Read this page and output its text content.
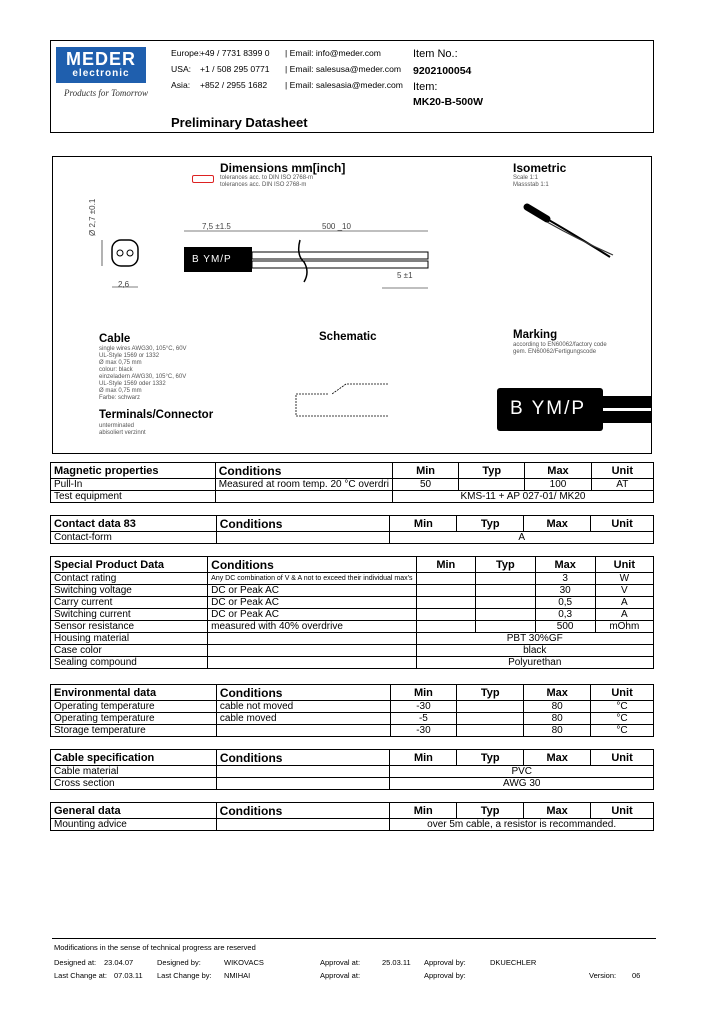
MEDER
electronic
Products for Tomorrow
Europe:
+49 / 7731 8399 0 | Email: info@meder.com
USA: +1 / 508 295 0771 | Email: salesusa@meder.com
Asia: +852 / 2955 1682 | Email: salesasia@meder.com
Item No.:
9202100054
Item:
MK20-B-500W
Preliminary Datasheet
Dimensions mm[inch]
tolerances acc. to DIN ISO 2768-m
tolerances acc. DIN ISO 2768-m
Isometric
Scale 1:1
Massstab 1:1
Ø 2,7 ±0.1
2,6
7,5 ±1.5	500 _10
5 ±1
B YM/P
Cable
single wires AWG30, 105°C, 60V
UL-Style 1569 or 1332
Ø max 0,75 mm
colour: black
einzeladern AWG30, 105°C, 60V
UL-Style 1569 oder 1332
Ø max 0,75 mm
Farbe: schwarz
Terminals/Connector
unterminated
abisoliert verzinnt
Schematic	Marking
according to EN60062/factory code
gem. EN60062/Fertigungscode
B YM/P
Magnetic properties	Conditions	Min	Typ	Max	Unit
Pull-In	Measured at room temp. 20 °C overdri	50		100	AT
Test equipment		KMS-11 + AP 027-01/ MK20			
Contact data 83	Conditions	Min	Typ	Max	Unit
Contact-form		A			
Special Product Data	Conditions	Min	Typ	Max	Unit
Contact rating	Any DC combination of V & A not to exceed their individual max's			3	W
Switching voltage	DC or Peak AC			30	V
Carry current	DC or Peak AC			0,5	A
Switching current	DC or Peak AC			0,3	A
Sensor resistance	measured with 40% overdrive			500	mOhm
Housing material		PBT 30%GF			
Case color		black			
Sealing compound		Polyurethan			
Environmental data	Conditions	Min	Typ	Max	Unit
Operating temperature	cable not moved	-30		80	°C
Operating temperature	cable moved	-5		80	°C
Storage temperature		-30		80	°C
Cable specification	Conditions	Min	Typ	Max	Unit
Cable material		PVC			
Cross section		AWG 30			
General data	Conditions	Min	Typ	Max	Unit
Mounting advice		over 5m cable, a resistor is recommanded.			
Modifications in the sense of technical progress are reserved
Designed at: 23.04.07	Designed by:	WIKOVACS	Approval at:	25.03.11 Approval by:	DKUECHLER
Last Change at: 07.03.11 Last Change by: NMIHAI	Approval at:	Approval by:	Version: 06
